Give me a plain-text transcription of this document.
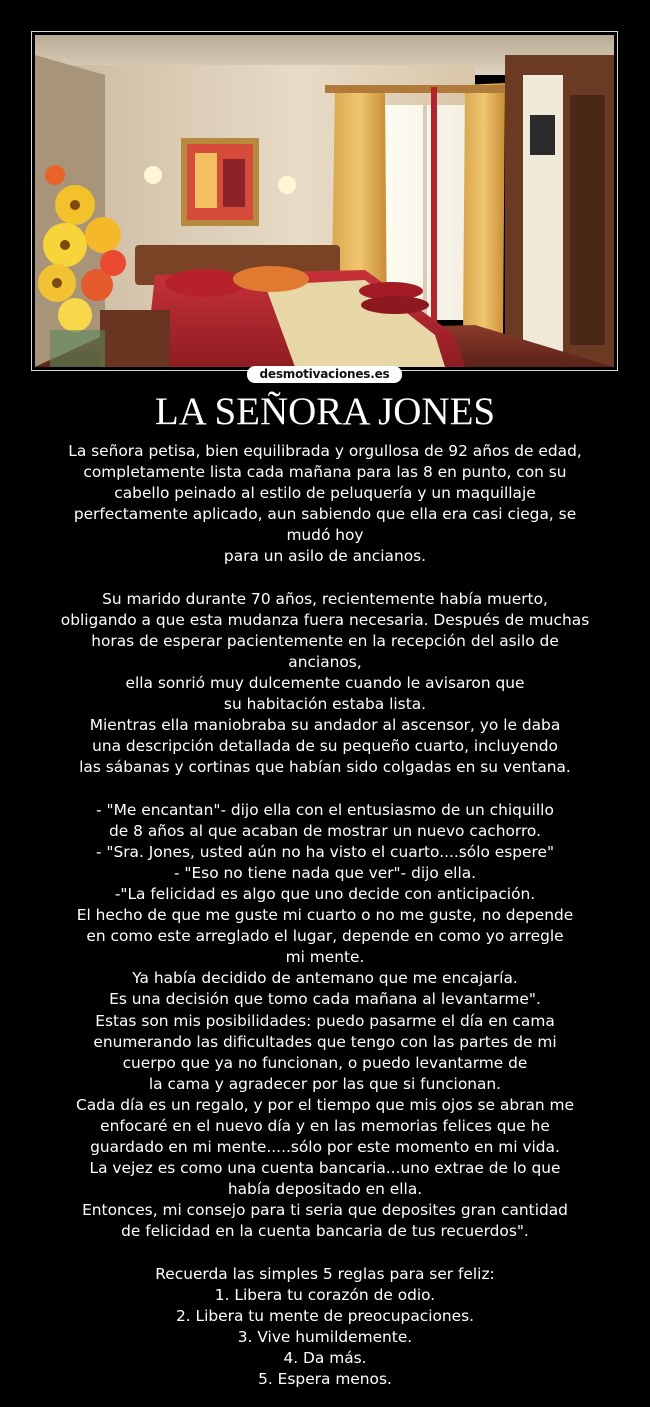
desmotivaciones.es
LA SEÑORA JONES
La señora petisa, bien equilibrada y orgullosa de 92 años de edad,
completamente lista cada mañana para las 8 en punto, con su
cabello peinado al estilo de peluquería y un maquillaje
perfectamente aplicado, aun sabiendo que ella era casi ciega, se
mudó hoy
para un asilo de ancianos.
Su marido durante 70 años, recientemente había muerto,
obligando a que esta mudanza fuera necesaria. Después de muchas
horas de esperar pacientemente en la recepción del asilo de
ancianos,
ella sonrió muy dulcemente cuando le avisaron que
su habitación estaba lista.
Mientras ella maniobraba su andador al ascensor, yo le daba
una descripción detallada de su pequeño cuarto, incluyendo
las sábanas y cortinas que habían sido colgadas en su ventana.
- "Me encantan"- dijo ella con el entusiasmo de un chiquillo
de 8 años al que acaban de mostrar un nuevo cachorro.
- "Sra. Jones, usted aún no ha visto el cuarto....sólo espere"
- "Eso no tiene nada que ver"- dijo ella.
-"La felicidad es algo que uno decide con anticipación.
El hecho de que me guste mi cuarto o no me guste, no depende
en como este arreglado el lugar, depende en como yo arregle
mi mente.
Ya había decidido de antemano que me encajaría.
Es una decisión que tomo cada mañana al levantarme".
Estas son mis posibilidades: puedo pasarme el día en cama
enumerando las dificultades que tengo con las partes de mi
cuerpo que ya no funcionan, o puedo levantarme de
la cama y agradecer por las que si funcionan.
Cada día es un regalo, y por el tiempo que mis ojos se abran me
enfocaré en el nuevo día y en las memorias felices que he
guardado en mi mente.....sólo por este momento en mi vida.
La vejez es como una cuenta bancaria...uno extrae de lo que
había depositado en ella.
Entonces, mi consejo para ti seria que deposites gran cantidad
de felicidad en la cuenta bancaria de tus recuerdos".
Recuerda las simples 5 reglas para ser feliz:
1. Libera tu corazón de odio.
2. Libera tu mente de preocupaciones.
3. Vive humildemente.
4. Da más.
5. Espera menos.
